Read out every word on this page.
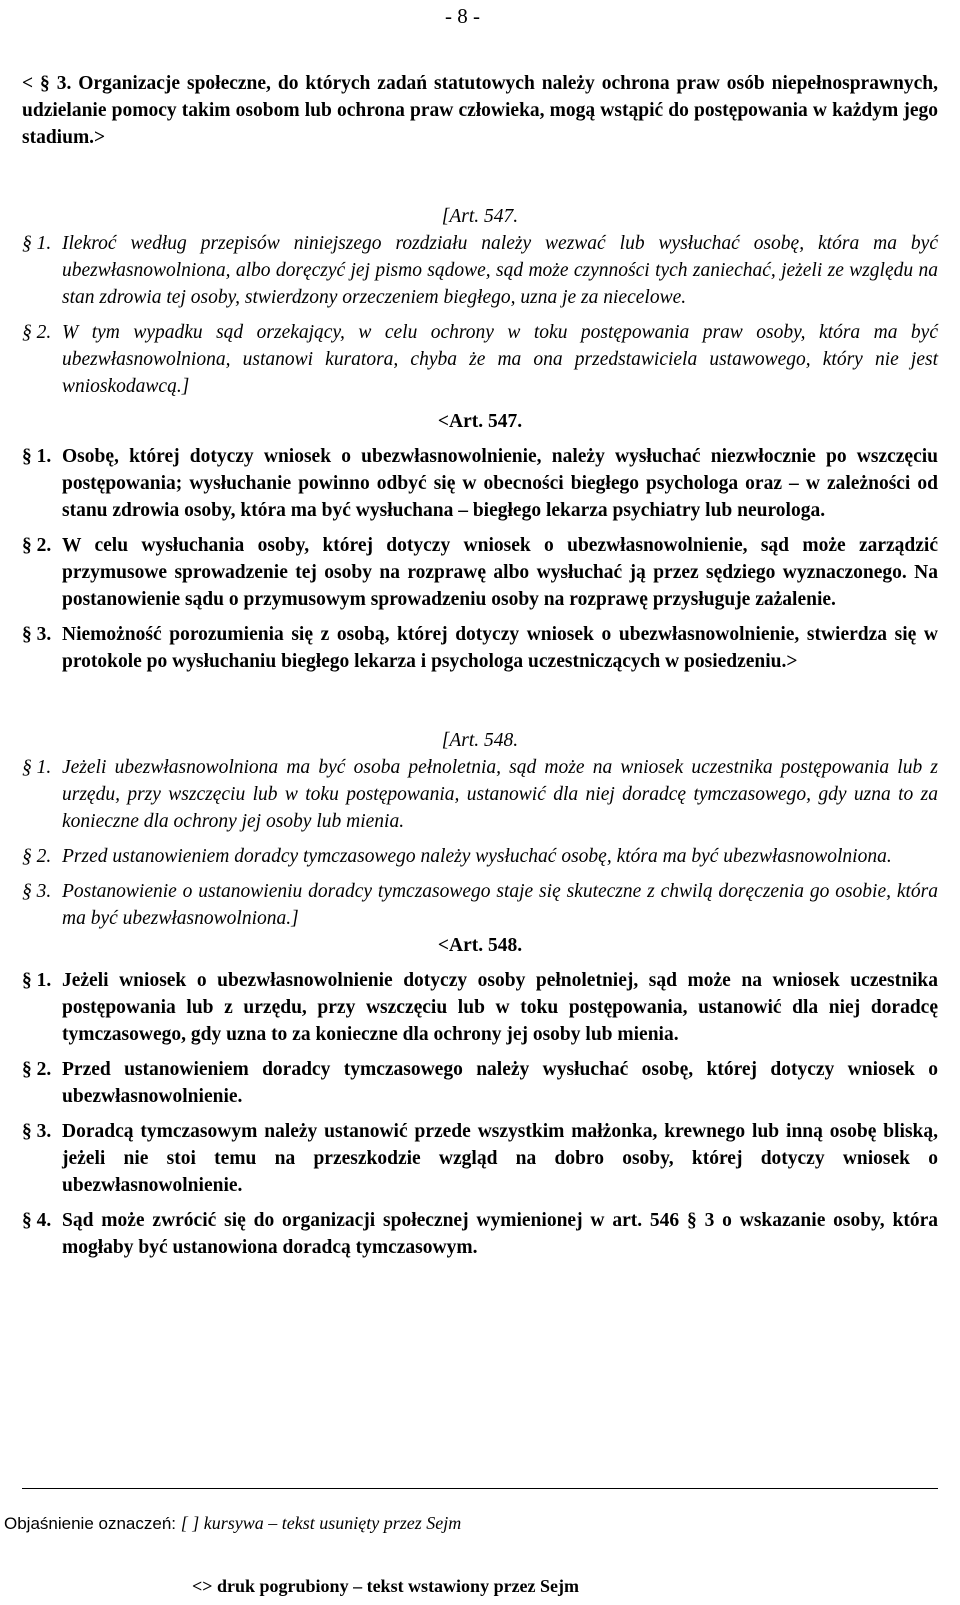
- 8 -

< § 3. Organizacje społeczne, do których zadań statutowych należy ochrona praw osób niepełnosprawnych, udzielanie pomocy takim osobom lub ochrona praw człowieka, mogą wstąpić do postępowania w każdym jego stadium.>

[Art. 547.

§ 1. Ilekroć według przepisów niniejszego rozdziału należy wezwać lub wysłuchać osobę, która ma być ubezwłasnowolniona, albo doręczyć jej pismo sądowe, sąd może czynności tych zaniechać, jeżeli ze względu na stan zdrowia tej osoby, stwierdzony orzeczeniem biegłego, uzna je za niecelowe.
§ 2. W tym wypadku sąd orzekający, w celu ochrony w toku postępowania praw osoby, która ma być ubezwłasnowolniona, ustanowi kuratora, chyba że ma ona przedstawiciela ustawowego, który nie jest wnioskodawcą.]

<Art. 547.

§ 1. Osobę, której dotyczy wniosek o ubezwłasnowolnienie, należy wysłuchać niezwłocznie po wszczęciu postępowania; wysłuchanie powinno odbyć się w obecności biegłego psychologa oraz – w zależności od stanu zdrowia osoby, która ma być wysłuchana – biegłego lekarza psychiatry lub neurologa.
§ 2. W celu wysłuchania osoby, której dotyczy wniosek o ubezwłasnowolnienie, sąd może zarządzić przymusowe sprowadzenie tej osoby na rozprawę albo wysłuchać ją przez sędziego wyznaczonego. Na postanowienie sądu o przymusowym sprowadzeniu osoby na rozprawę przysługuje zażalenie.
§ 3. Niemożność porozumienia się z osobą, której dotyczy wniosek o ubezwłasnowolnienie, stwierdza się w protokole po wysłuchaniu biegłego lekarza i psychologa uczestniczących w posiedzeniu.>

[Art. 548.

§ 1. Jeżeli ubezwłasnowolniona ma być osoba pełnoletnia, sąd może na wniosek uczestnika postępowania lub z urzędu, przy wszczęciu lub w toku postępowania, ustanowić dla niej doradcę tymczasowego, gdy uzna to za konieczne dla ochrony jej osoby lub mienia.
§ 2. Przed ustanowieniem doradcy tymczasowego należy wysłuchać osobę, która ma być ubezwłasnowolniona.
§ 3. Postanowienie o ustanowieniu doradcy tymczasowego staje się skuteczne z chwilą doręczenia go osobie, która ma być ubezwłasnowolniona.]

<Art. 548.

§ 1. Jeżeli wniosek o ubezwłasnowolnienie dotyczy osoby pełnoletniej, sąd może na wniosek uczestnika postępowania lub z urzędu, przy wszczęciu lub w toku postępowania, ustanowić dla niej doradcę tymczasowego, gdy uzna to za konieczne dla ochrony jej osoby lub mienia.
§ 2. Przed ustanowieniem doradcy tymczasowego należy wysłuchać osobę, której dotyczy wniosek o ubezwłasnowolnienie.
§ 3. Doradcą tymczasowym należy ustanowić przede wszystkim małżonka, krewnego lub inną osobę bliską, jeżeli nie stoi temu na przeszkodzie wzgląd na dobro osoby, której dotyczy wniosek o ubezwłasnowolnienie.
§ 4. Sąd może zwrócić się do organizacji społecznej wymienionej w art. 546 § 3 o wskazanie osoby, która mogłaby być ustanowiona doradcą tymczasowym.
Objaśnienie oznaczeń: [ ] kursywa – tekst usunięty przez Sejm
<> druk pogrubiony – tekst wstawiony przez Sejm
